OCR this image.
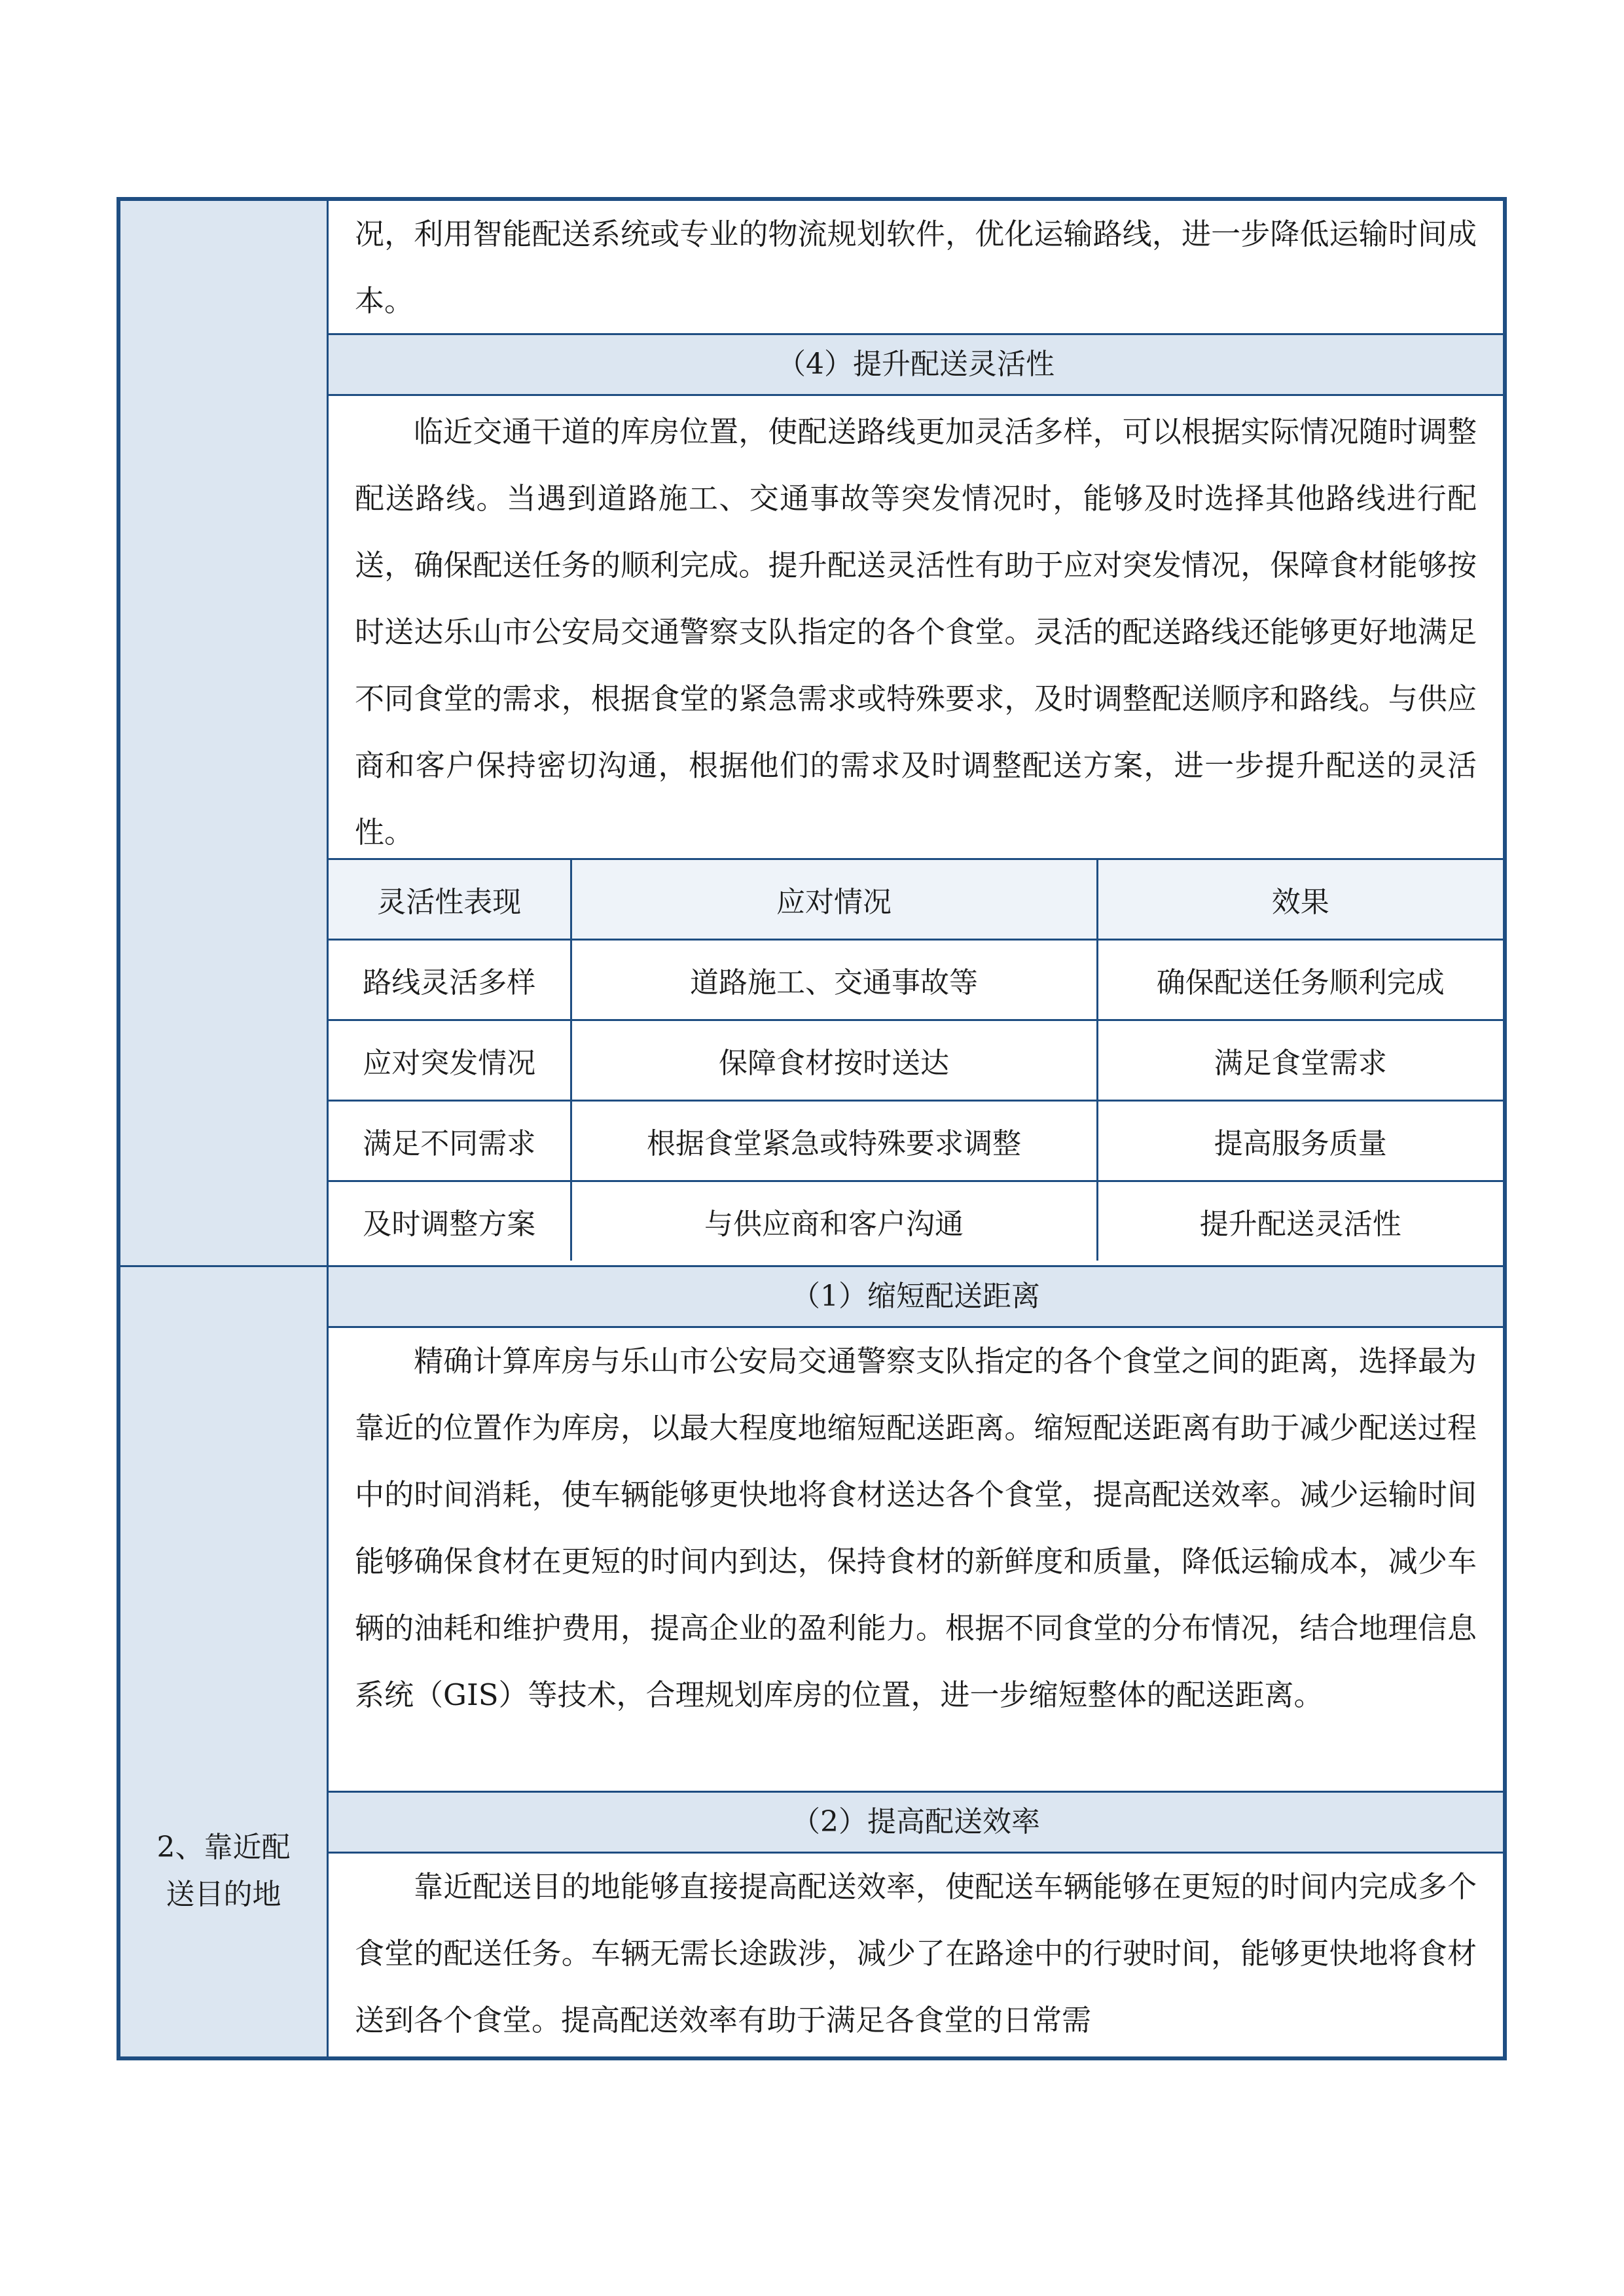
2、靠近配送目的地

况，利用智能配送系统或专业的物流规划软件，优化运输路线，进一步降低运输时间成本。

（4）提升配送灵活性

临近交通干道的库房位置，使配送路线更加灵活多样，可以根据实际情况随时调整配送路线。当遇到道路施工、交通事故等突发情况时，能够及时选择其他路线进行配送，确保配送任务的顺利完成。提升配送灵活性有助于应对突发情况，保障食材能够按时送达乐山市公安局交通警察支队指定的各个食堂。灵活的配送路线还能够更好地满足不同食堂的需求，根据食堂的紧急需求或特殊要求，及时调整配送顺序和路线。与供应商和客户保持密切沟通，根据他们的需求及时调整配送方案，进一步提升配送的灵活性。

灵活性表现	应对情况	效果
路线灵活多样	道路施工、交通事故等	确保配送任务顺利完成
应对突发情况	保障食材按时送达	满足食堂需求
满足不同需求	根据食堂紧急或特殊要求调整	提高服务质量
及时调整方案	与供应商和客户沟通	提升配送灵活性
（1）缩短配送距离

精确计算库房与乐山市公安局交通警察支队指定的各个食堂之间的距离，选择最为靠近的位置作为库房，以最大程度地缩短配送距离。缩短配送距离有助于减少配送过程中的时间消耗，使车辆能够更快地将食材送达各个食堂，提高配送效率。减少运输时间能够确保食材在更短的时间内到达，保持食材的新鲜度和质量，降低运输成本，减少车辆的油耗和维护费用，提高企业的盈利能力。根据不同食堂的分布情况，结合地理信息系统（GIS）等技术，合理规划库房的位置，进一步缩短整体的配送距离。

（2）提高配送效率

靠近配送目的地能够直接提高配送效率，使配送车辆能够在更短的时间内完成多个食堂的配送任务。车辆无需长途跋涉，减少了在路途中的行驶时间，能够更快地将食材送到各个食堂。提高配送效率有助于满足各食堂的日常需
